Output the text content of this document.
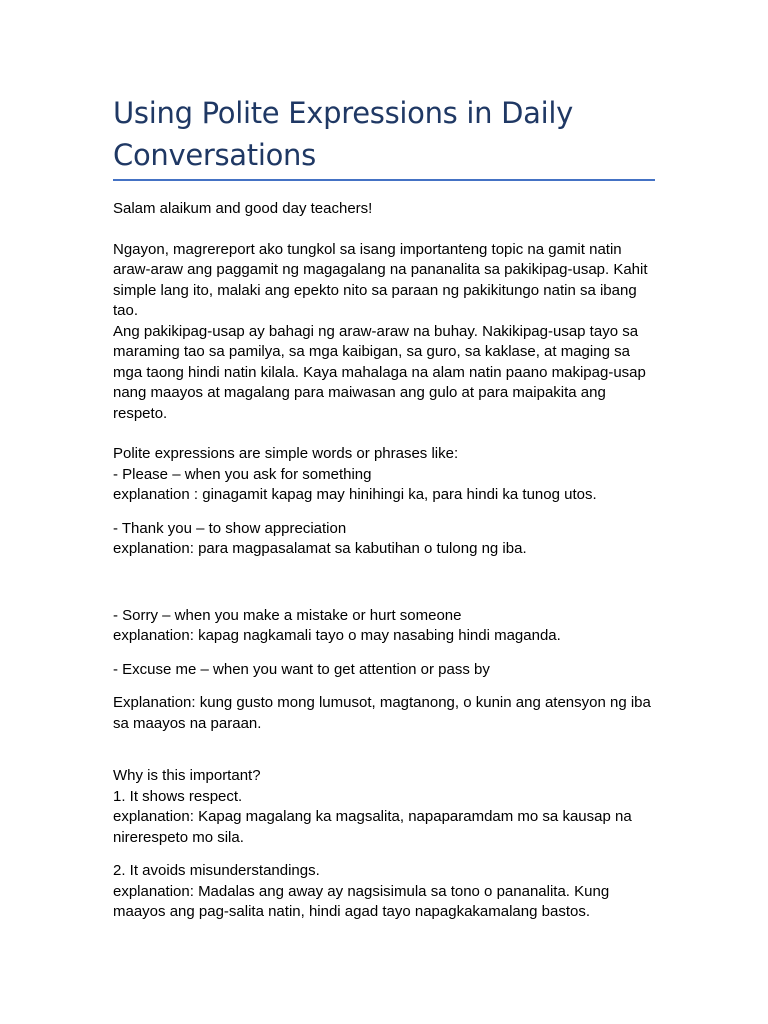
Using Polite Expressions in Daily
Conversations

Salam alaikum and good day teachers!

Ngayon, magrereport ako tungkol sa isang importanteng topic na gamit natin araw-araw ang paggamit ng magagalang na pananalita sa pakikipag-usap. Kahit simple lang ito, malaki ang epekto nito sa paraan ng pakikitungo natin sa ibang tao.

Ang pakikipag-usap ay bahagi ng araw-araw na buhay. Nakikipag-usap tayo sa maraming tao sa pamilya, sa mga kaibigan, sa guro, sa kaklase, at maging sa mga taong hindi natin kilala. Kaya mahalaga na alam natin paano makipag-usap nang maayos at magalang para maiwasan ang gulo at para maipakita ang respeto.

Polite expressions are simple words or phrases like:

- Please – when you ask for something

explanation : ginagamit kapag may hinihingi ka, para hindi ka tunog utos.

- Thank you – to show appreciation

explanation: para magpasalamat sa kabutihan o tulong ng iba.

- Sorry – when you make a mistake or hurt someone

explanation: kapag nagkamali tayo o may nasabing hindi maganda.

- Excuse me – when you want to get attention or pass by

Explanation: kung gusto mong lumusot, magtanong, o kunin ang atensyon ng iba sa maayos na paraan.

Why is this important?

1. It shows respect.

explanation: Kapag magalang ka magsalita, napaparamdam mo sa kausap na nirerespeto mo sila.

2. It avoids misunderstandings.

explanation: Madalas ang away ay nagsisimula sa tono o pananalita. Kung maayos ang pag-salita natin, hindi agad tayo napagkakamalang bastos.
